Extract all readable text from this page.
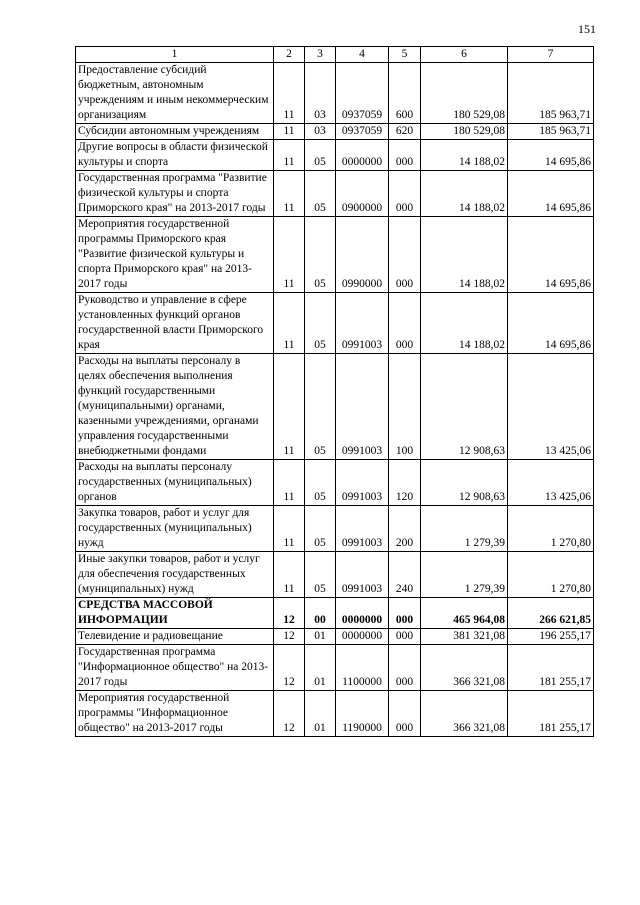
151
1	2	3	4	5	6	7
Предоставление субсидий бюджетным, автономным учреждениям и иным некоммерческим организациям	11	03	0937059	600	180 529,08	185 963,71
Субсидии автономным учреждениям	11	03	0937059	620	180 529,08	185 963,71
Другие вопросы в области физической культуры и спорта	11	05	0000000	000	14 188,02	14 695,86
Государственная программа "Развитие физической культуры и спорта Приморского края" на 2013-2017 годы	11	05	0900000	000	14 188,02	14 695,86
Мероприятия государственной программы Приморского края "Развитие физической культуры и спорта Приморского края" на 2013-2017 годы	11	05	0990000	000	14 188,02	14 695,86
Руководство и управление в сфере установленных функций органов государственной власти Приморского края	11	05	0991003	000	14 188,02	14 695,86
Расходы на выплаты персоналу в целях обеспечения выполнения функций государственными (муниципальными) органами, казенными учреждениями, органами управления государственными внебюджетными фондами	11	05	0991003	100	12 908,63	13 425,06
Расходы на выплаты персоналу государственных (муниципальных) органов	11	05	0991003	120	12 908,63	13 425,06
Закупка товаров, работ и услуг для государственных (муниципальных) нужд	11	05	0991003	200	1 279,39	1 270,80
Иные закупки товаров, работ и услуг для обеспечения государственных (муниципальных) нужд	11	05	0991003	240	1 279,39	1 270,80
СРЕДСТВА МАССОВОЙ ИНФОРМАЦИИ	12	00	0000000	000	465 964,08	266 621,85
Телевидение и радиовещание	12	01	0000000	000	381 321,08	196 255,17
Государственная программа "Информационное общество" на 2013-2017 годы	12	01	1100000	000	366 321,08	181 255,17
Мероприятия государственной программы "Информационное общество" на 2013-2017 годы	12	01	1190000	000	366 321,08	181 255,17
